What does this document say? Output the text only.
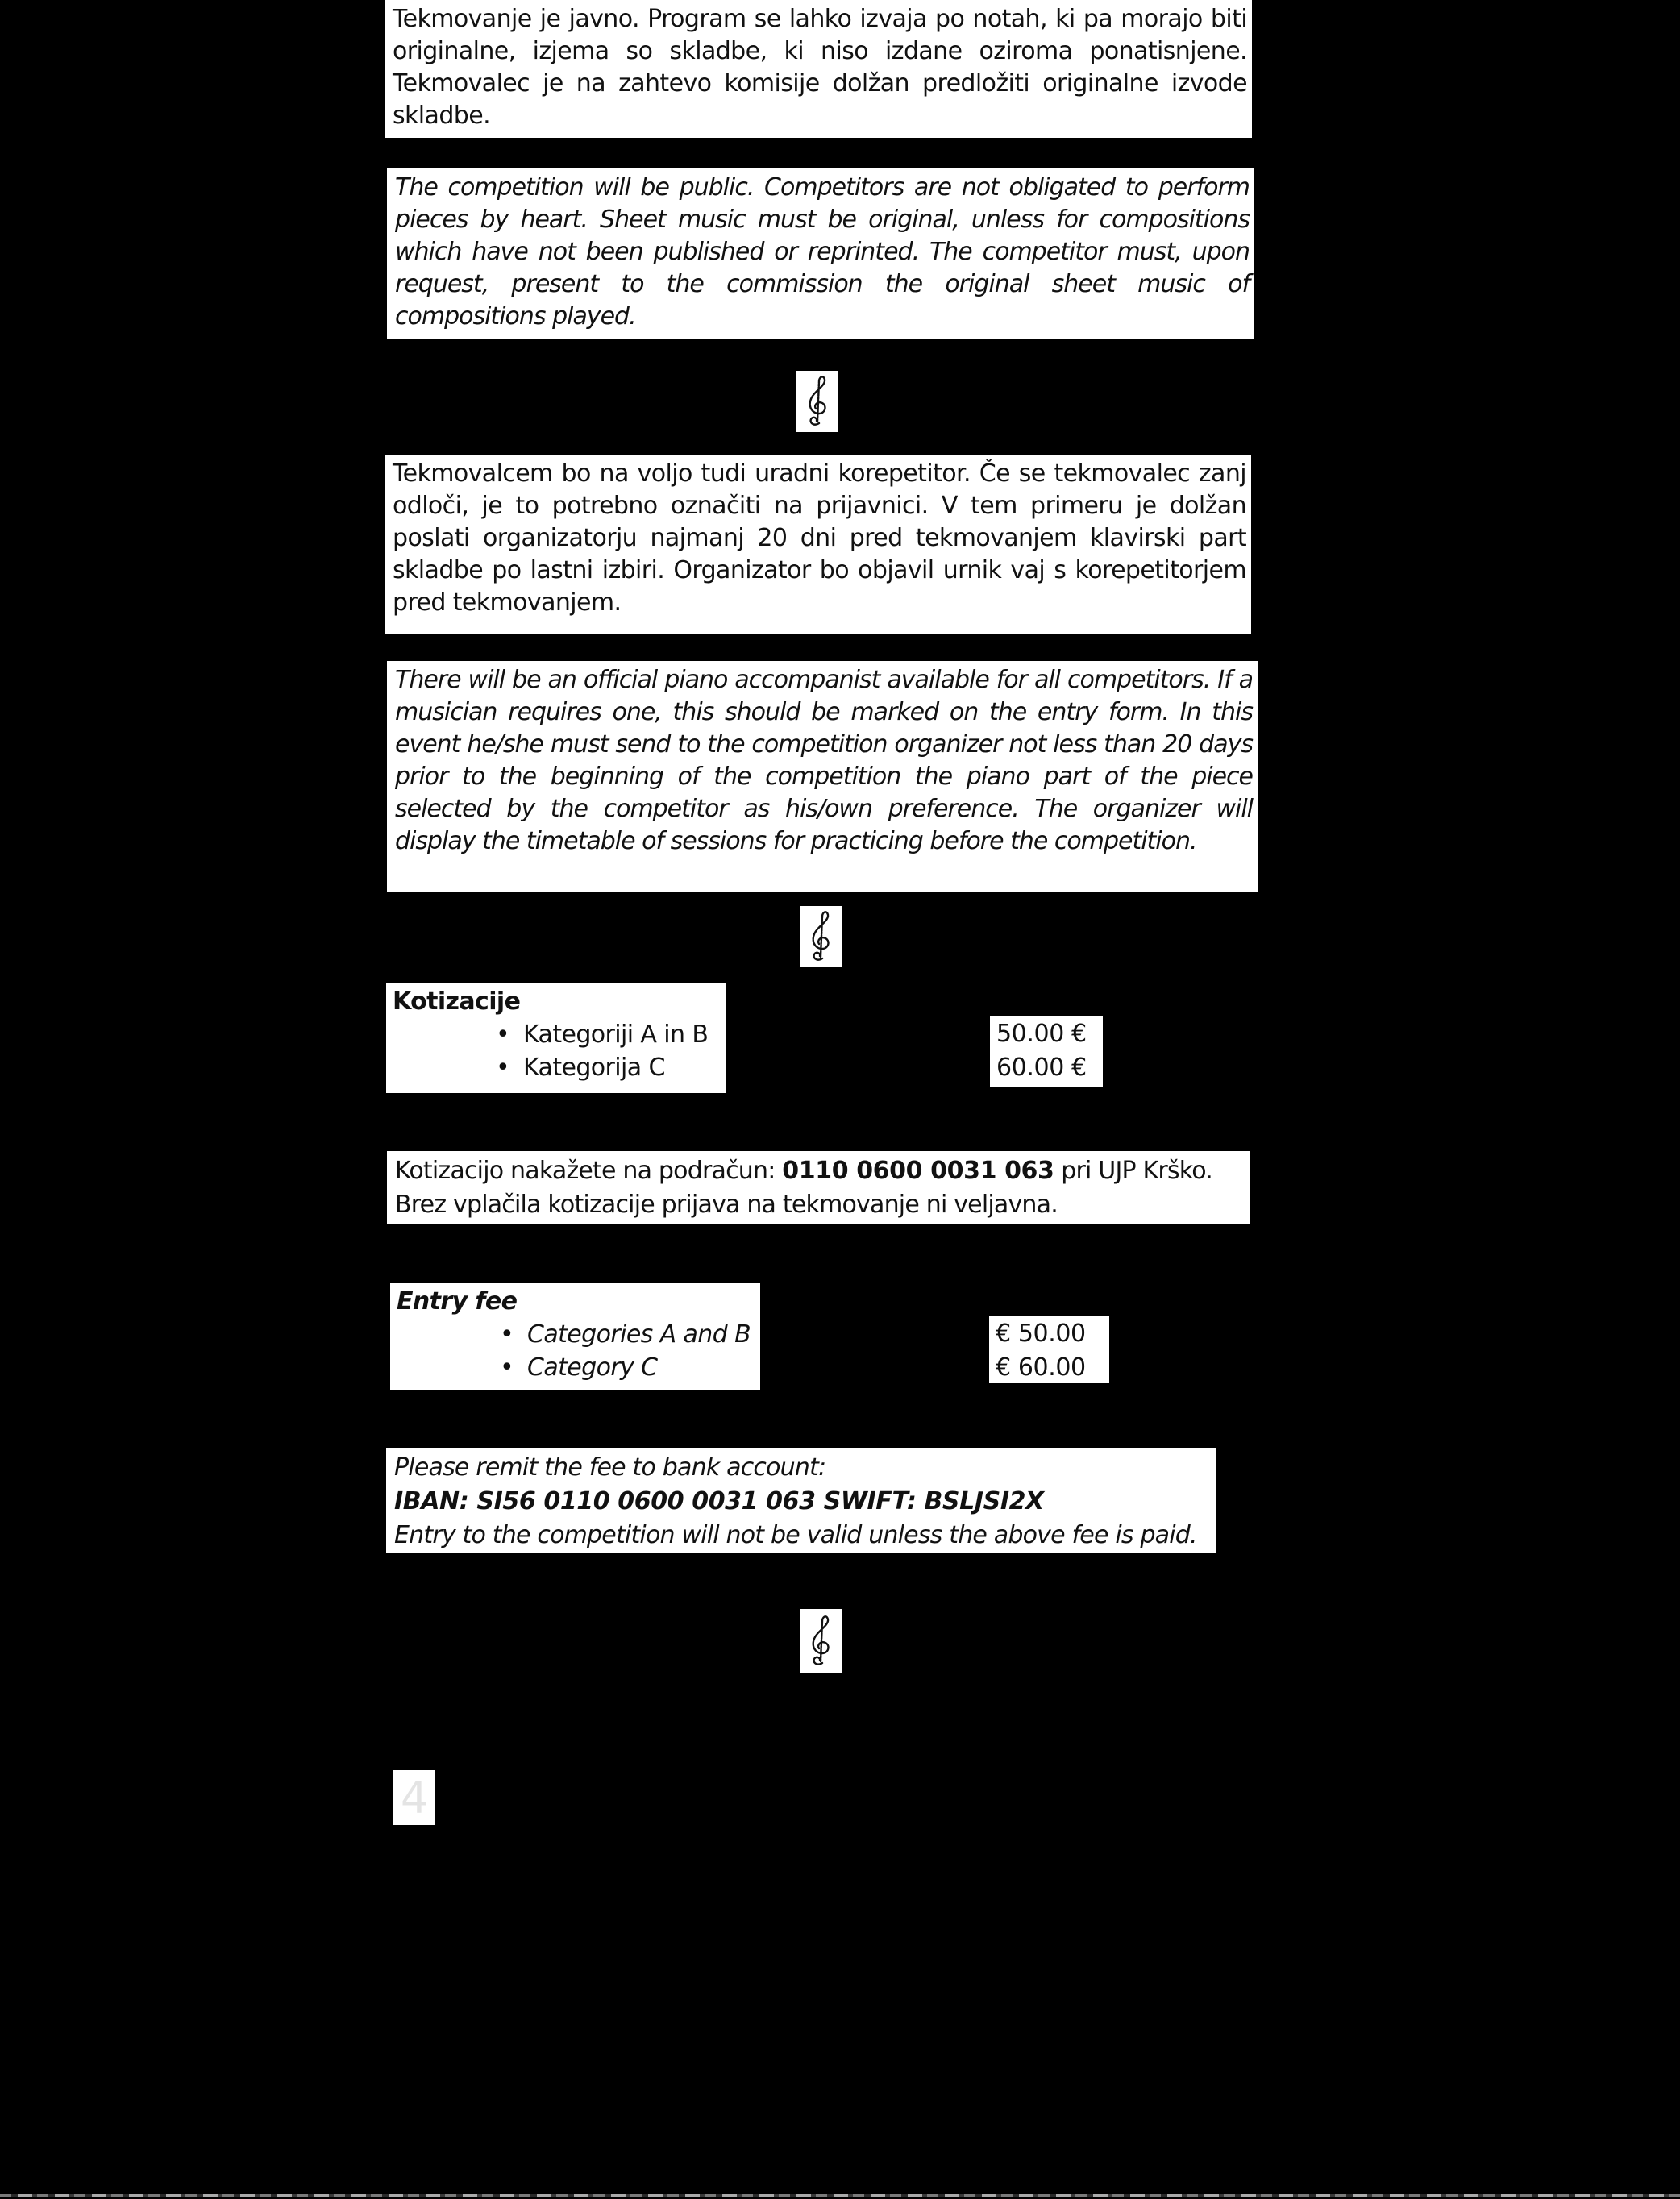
Tekmovanje je javno. Program se lahko izvaja po notah, ki pa morajo biti originalne, izjema so skladbe, ki niso izdane oziroma ponatisnjene. Tekmovalec je na zahtevo komisije dolžan predložiti originalne izvode skladbe.
The competition will be public. Competitors are not obligated to perform pieces by heart. Sheet music must be original, unless for compositions which have not been published or reprinted. The competitor must, upon request, present to the commission the original sheet music of compositions played.
Tekmovalcem bo na voljo tudi uradni korepetitor. Če se tekmovalec zanj odloči, je to potrebno označiti na prijavnici. V tem primeru je dolžan poslati organizatorju najmanj 20 dni pred tekmovanjem klavirski part skladbe po lastni izbiri. Organizator bo objavil urnik vaj s korepetitorjem pred tekmovanjem.
There will be an official piano accompanist available for all competitors. If a musician requires one, this should be marked on the entry form. In this event he/she must send to the competition organizer not less than 20 days prior to the beginning of the competition the piano part of the piece selected by the competitor as his/own preference. The organizer will display the timetable of sessions for practicing before the competition.
Kotizacije
• Kategoriji A in B
• Kategorija C
50.00 €
60.00 €
Kotizacijo nakažete na podračun: 0110 0600 0031 063 pri UJP Krško.
Brez vplačila kotizacije prijava na tekmovanje ni veljavna.
Entry fee
• Categories A and B
• Category C
€ 50.00
€ 60.00
Please remit the fee to bank account:
IBAN: SI56 0110 0600 0031 063 SWIFT: BSLJSI2X
Entry to the competition will not be valid unless the above fee is paid.
4
